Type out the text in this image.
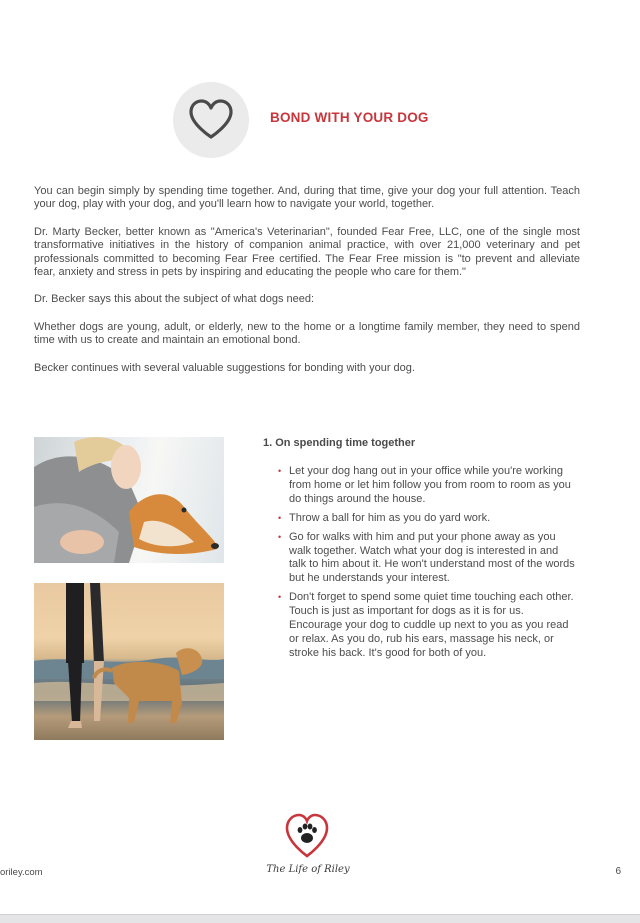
BOND WITH YOUR DOG

You can begin simply by spending time together. And, during that time, give your dog your full attention. Teach your dog, play with your dog, and you'll learn how to navigate your world, together.

Dr. Marty Becker, better known as "America's Veterinarian", founded Fear Free, LLC, one of the single most transformative initiatives in the history of companion animal practice, with over 21,000 veterinary and pet professionals committed to becoming Fear Free certified. The Fear Free mission is "to prevent and alleviate fear, anxiety and stress in pets by inspiring and educating the people who care for them."

Dr. Becker says this about the subject of what dogs need:

Whether dogs are young, adult, or elderly, new to the home or a longtime family member, they need to spend time with us to create and maintain an emotional bond.

Becker continues with several valuable suggestions for bonding with your dog.

1. On spending time together
• Let your dog hang out in your office while you're working from home or let him follow you from room to room as you do things around the house.
• Throw a ball for him as you do yard work.
• Go for walks with him and put your phone away as you walk together. Watch what your dog is interested in and talk to him about it. He won't understand most of the words but he understands your interest.
• Don't forget to spend some quiet time touching each other. Touch is just as important for dogs as it is for us. Encourage your dog to cuddle up next to you as you read or relax. As you do, rub his ears, massage his neck, or stroke his back. It's good for both of you.
The Life of Riley
oriley.com	6
